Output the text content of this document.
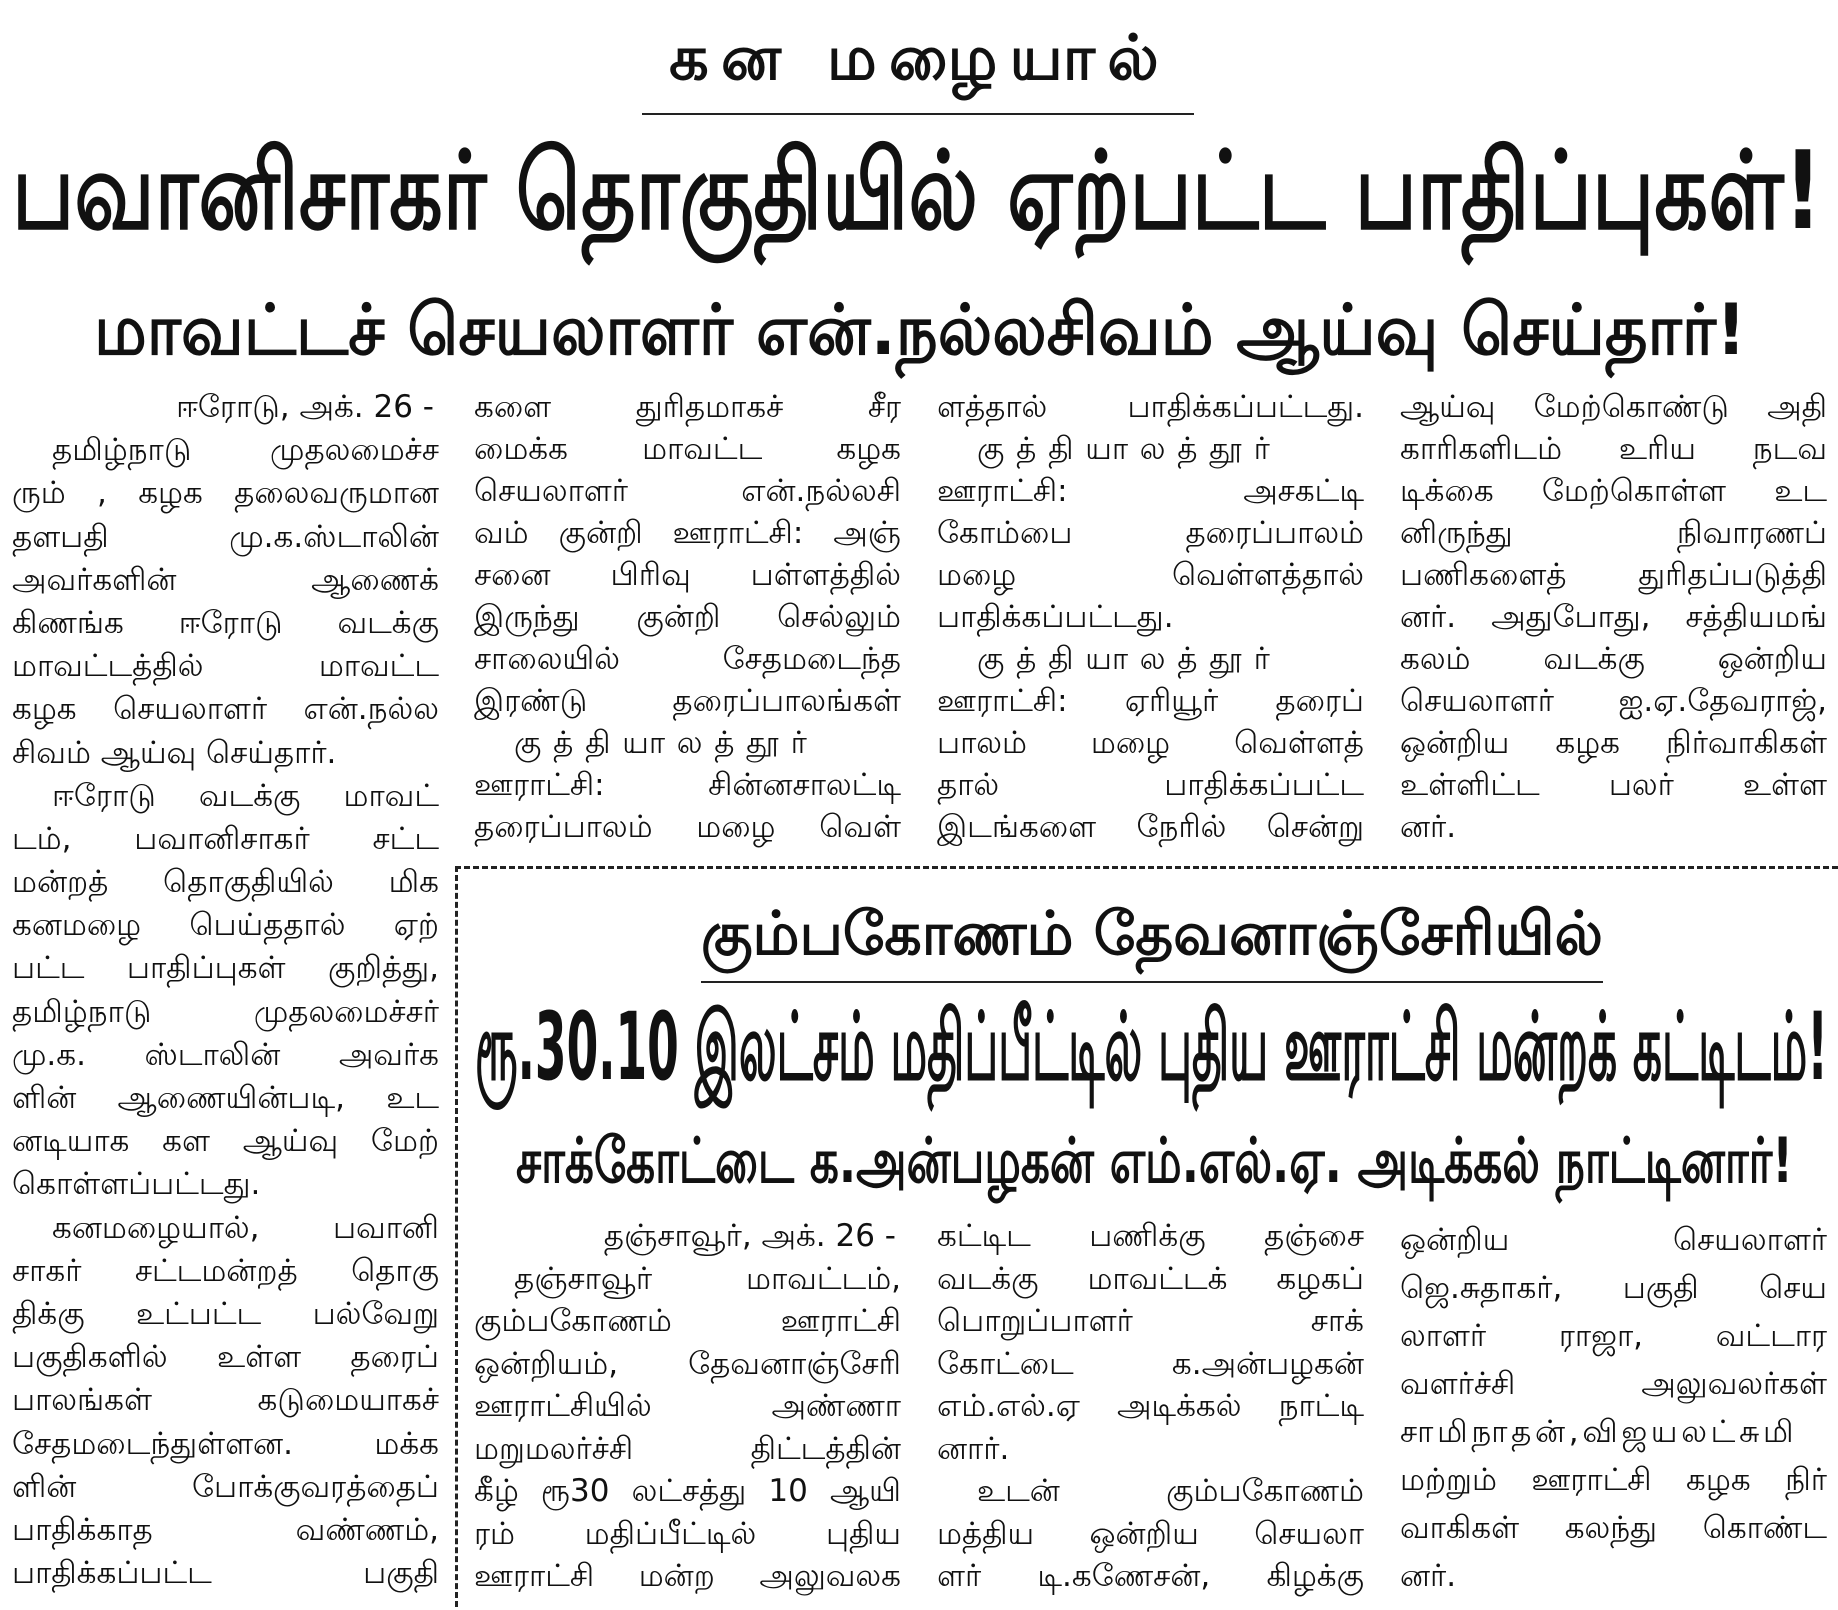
கன மழையால்
பவானிசாகர் தொகுதியில் ஏற்பட்ட பாதிப்புகள்!
மாவட்டச் செயலாளர் என்.நல்லசிவம் ஆய்வு செய்தார்!
ஈரோடு, அக். 26 -
தமிழ்நாடு முதலமைச்ச
ரும் , கழக தலைவருமான
தளபதி மு.க.ஸ்டாலின்
அவர்களின் ஆணைக்
கிணங்க ஈரோடு வடக்கு
மாவட்டத்தில் மாவட்ட
கழக செயலாளர் என்.நல்ல
சிவம் ஆய்வு செய்தார்.
ஈரோடு வடக்கு மாவட்
டம், பவானிசாகர் சட்ட
மன்றத் தொகுதியில் மிக
கனமழை பெய்ததால் ஏற்
பட்ட பாதிப்புகள் குறித்து,
தமிழ்நாடு முதலமைச்சர்
மு.க. ஸ்டாலின் அவர்க
ளின் ஆணையின்படி, உட
னடியாக கள ஆய்வு மேற்
கொள்ளப்பட்டது.
கனமழையால், பவானி
சாகர் சட்டமன்றத் தொகு
திக்கு உட்பட்ட பல்வேறு
பகுதிகளில் உள்ள தரைப்
பாலங்கள் கடுமையாகச்
சேதமடைந்துள்ளன. மக்க
ளின் போக்குவரத்தைப்
பாதிக்காத வண்ணம்,
பாதிக்கப்பட்ட பகுதி
களை துரிதமாகச் சீர
மைக்க மாவட்ட கழக
செயலாளர் என்.நல்லசி
வம் குன்றி ஊராட்சி: அஞ்
சனை பிரிவு பள்ளத்தில்
இருந்து குன்றி செல்லும்
சாலையில் சேதமடைந்த
இரண்டு தரைப்பாலங்கள்
குத்தியாலத்தூர்
ஊராட்சி: சின்னசாலட்டி
தரைப்பாலம் மழை வெள்
ளத்தால் பாதிக்கப்பட்டது.
குத்தியாலத்தூர்
ஊராட்சி: அசகட்டி
கோம்பை தரைப்பாலம்
மழை வெள்ளத்தால்
பாதிக்கப்பட்டது.
குத்தியாலத்தூர்
ஊராட்சி: ஏரியூர் தரைப்
பாலம் மழை வெள்ளத்
தால் பாதிக்கப்பட்ட
இடங்களை நேரில் சென்று
ஆய்வு மேற்கொண்டு அதி
காரிகளிடம் உரிய நடவ
டிக்கை மேற்கொள்ள உட
னிருந்து நிவாரணப்
பணிகளைத் துரிதப்படுத்தி
னர். அதுபோது, சத்தியமங்
கலம் வடக்கு ஒன்றிய
செயலாளர் ஐ.ஏ.தேவராஜ்,
ஒன்றிய கழக நிர்வாகிகள்
உள்ளிட்ட பலர் உள்ள
னர்.
கும்பகோணம் தேவனாஞ்சேரியில்
ரூ.30.10 இலட்சம் மதிப்பீட்டில் புதிய ஊராட்சி மன்றக் கட்டிடம்!
சாக்கோட்டை க.அன்பழகன் எம்.எல்.ஏ. அடிக்கல் நாட்டினார்!
தஞ்சாவூர், அக். 26 -
தஞ்சாவூர் மாவட்டம்,
கும்பகோணம் ஊராட்சி
ஒன்றியம், தேவனாஞ்சேரி
ஊராட்சியில் அண்ணா
மறுமலர்ச்சி திட்டத்தின்
கீழ் ரூ30 லட்சத்து 10 ஆயி
ரம் மதிப்பீட்டில் புதிய
ஊராட்சி மன்ற அலுவலக
கட்டிட பணிக்கு தஞ்சை
வடக்கு மாவட்டக் கழகப்
பொறுப்பாளர் சாக்
கோட்டை க.அன்பழகன்
எம்.எல்.ஏ அடிக்கல் நாட்டி
னார்.
உடன் கும்பகோணம்
மத்திய ஒன்றிய செயலா
ளர் டி.கணேசன், கிழக்கு
ஒன்றிய செயலாளர்
ஜெ.சுதாகர், பகுதி செய
லாளர் ராஜா, வட்டார
வளர்ச்சி அலுவலர்கள்
சாமிநாதன்,விஜயலட்சுமி
மற்றும் ஊராட்சி கழக நிர்
வாகிகள் கலந்து கொண்ட
னர்.
